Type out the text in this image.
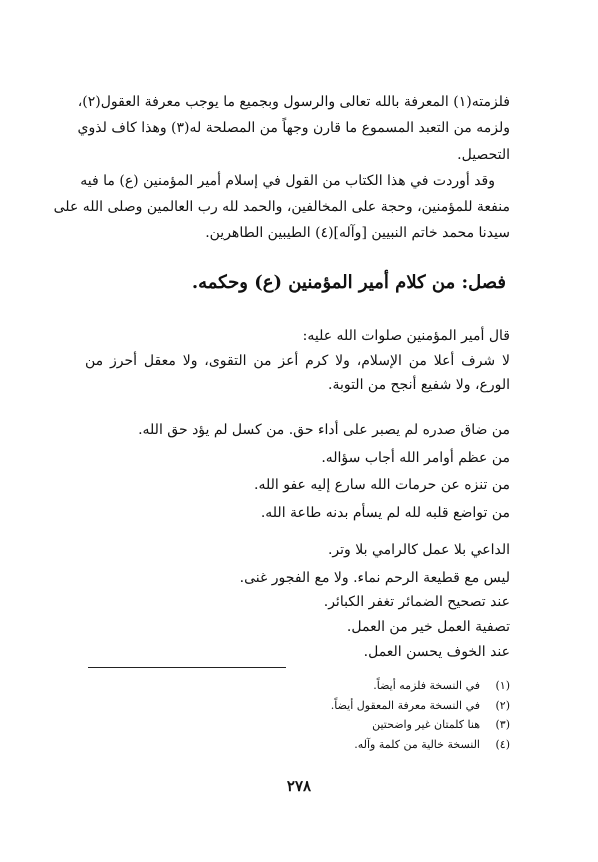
فلزمته(١) المعرفة بالله تعالى والرسول وبجميع ما يوجب معرفة العقول(٢)،
ولزمه من التعبد المسموع ما قارن وجهاً من المصلحة له(٣) وهذا كاف لذوي
التحصيل.
وقد أوردت في هذا الكتاب من القول في إسلام أمير المؤمنين (ع) ما فيه
منفعة للمؤمنين، وحجة على المخالفين، والحمد لله رب العالمين وصلى الله على
سيدنا محمد خاتم النبيين [وآله](٤) الطيبين الطاهرين.
فصل: من كلام أمير المؤمنين (ع) وحكمه.
قال أمير المؤمنين صلوات الله عليه:
لا شرف أعلا من الإسلام، ولا كرم أعز من التقوى، ولا معقل أحرز من
الورع، ولا شفيع أنجح من التوبة.
من ضاق صدره لم يصبر على أداء حق. من كسل لم يؤد حق الله.
من عظم أوامر الله أجاب سؤاله.
من تنزه عن حرمات الله سارع إليه عفو الله.
من تواضع قلبه لله لم يسأم بدنه طاعة الله.
الداعي بلا عمل كالرامي بلا وتر.
ليس مع قطيعة الرحم نماء. ولا مع الفجور غنى.
عند تصحيح الضمائر تغفر الكبائر.
تصفية العمل خير من العمل.
عند الخوف يحسن العمل.
(١)في النسخة فلزمه أيضاً.
(٢)في النسخة معرفة المعقول أيضاً.
(٣)هنا كلمتان غير واضحتين
(٤)النسخة خالية من كلمة وآله.
٢٧٨
